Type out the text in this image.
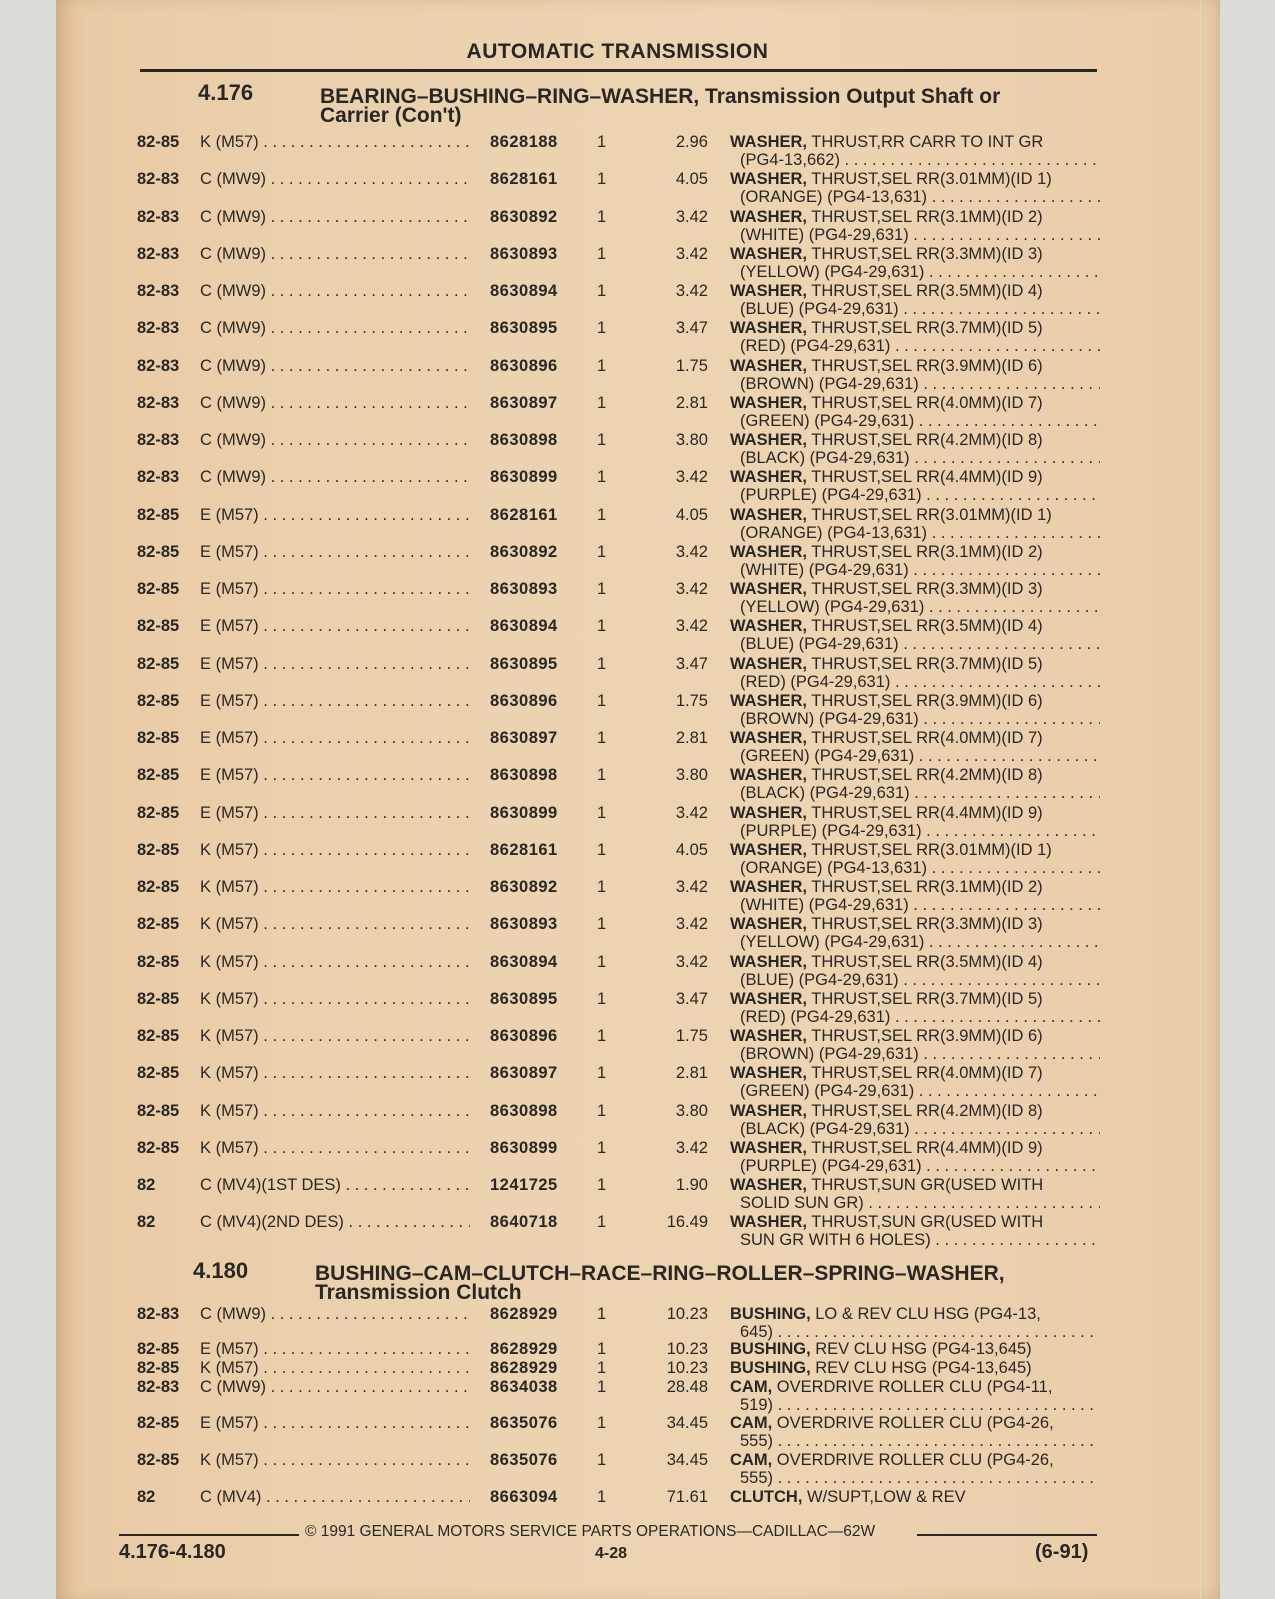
AUTOMATIC TRANSMISSION
4.176	BEARING–BUSHING–RING–WASHER, Transmission Output Shaft or
Carrier (Con't)
82-85 K (M57) . . .	8628188 1	2.96 WASHER, THRUST,RR CARR TO INT GR
(PG4-13,662) . . .
82-83 C (MW9) . . .	8628161 1	4.05 WASHER, THRUST,SEL RR(3.01MM)(ID 1)
(ORANGE) (PG4-13,631) . . .
82-83 C (MW9) . . .	8630892 1	3.42 WASHER, THRUST,SEL RR(3.1MM)(ID 2)
(WHITE) (PG4-29,631) . . .
82-83 C (MW9) . . .	8630893 1	3.42 WASHER, THRUST,SEL RR(3.3MM)(ID 3)
(YELLOW) (PG4-29,631) . . .
82-83 C (MW9) . . .	8630894 1	3.42 WASHER, THRUST,SEL RR(3.5MM)(ID 4)
(BLUE) (PG4-29,631) . . .
82-83 C (MW9) . . .	8630895 1	3.47 WASHER, THRUST,SEL RR(3.7MM)(ID 5)
(RED) (PG4-29,631) . . .
82-83 C (MW9) . . .	8630896 1	1.75 WASHER, THRUST,SEL RR(3.9MM)(ID 6)
(BROWN) (PG4-29,631) . . .
82-83 C (MW9) . . .	8630897 1	2.81 WASHER, THRUST,SEL RR(4.0MM)(ID 7)
(GREEN) (PG4-29,631) . . .
82-83 C (MW9) . . .	8630898 1	3.80 WASHER, THRUST,SEL RR(4.2MM)(ID 8)
(BLACK) (PG4-29,631) . . .
82-83 C (MW9) . . .	8630899 1	3.42 WASHER, THRUST,SEL RR(4.4MM)(ID 9)
(PURPLE) (PG4-29,631) . . .
82-85 E (M57) . . .	8628161 1	4.05 WASHER, THRUST,SEL RR(3.01MM)(ID 1)
(ORANGE) (PG4-13,631) . . .
82-85 E (M57) . . .	8630892 1	3.42 WASHER, THRUST,SEL RR(3.1MM)(ID 2)
(WHITE) (PG4-29,631) . . .
82-85 E (M57) . . .	8630893 1	3.42 WASHER, THRUST,SEL RR(3.3MM)(ID 3)
(YELLOW) (PG4-29,631) . . .
82-85 E (M57) . . .	8630894 1	3.42 WASHER, THRUST,SEL RR(3.5MM)(ID 4)
(BLUE) (PG4-29,631) . . .
82-85 E (M57) . . .	8630895 1	3.47 WASHER, THRUST,SEL RR(3.7MM)(ID 5)
(RED) (PG4-29,631) . . .
82-85 E (M57) . . .	8630896 1	1.75 WASHER, THRUST,SEL RR(3.9MM)(ID 6)
(BROWN) (PG4-29,631) . . .
82-85 E (M57) . . .	8630897 1	2.81 WASHER, THRUST,SEL RR(4.0MM)(ID 7)
(GREEN) (PG4-29,631) . . .
82-85 E (M57) . . .	8630898 1	3.80 WASHER, THRUST,SEL RR(4.2MM)(ID 8)
(BLACK) (PG4-29,631) . . .
82-85 E (M57) . . .	8630899 1	3.42 WASHER, THRUST,SEL RR(4.4MM)(ID 9)
(PURPLE) (PG4-29,631) . . .
82-85 K (M57) . . .	8628161 1	4.05 WASHER, THRUST,SEL RR(3.01MM)(ID 1)
(ORANGE) (PG4-13,631) . . .
82-85 K (M57) . . .	8630892 1	3.42 WASHER, THRUST,SEL RR(3.1MM)(ID 2)
(WHITE) (PG4-29,631) . . .
82-85 K (M57) . . .	8630893 1	3.42 WASHER, THRUST,SEL RR(3.3MM)(ID 3)
(YELLOW) (PG4-29,631) . . .
82-85 K (M57) . . .	8630894 1	3.42 WASHER, THRUST,SEL RR(3.5MM)(ID 4)
(BLUE) (PG4-29,631) . . .
82-85 K (M57) . . .	8630895 1	3.47 WASHER, THRUST,SEL RR(3.7MM)(ID 5)
(RED) (PG4-29,631) . . .
82-85 K (M57) . . .	8630896 1	1.75 WASHER, THRUST,SEL RR(3.9MM)(ID 6)
(BROWN) (PG4-29,631) . . .
82-85 K (M57) . . .	8630897 1	2.81 WASHER, THRUST,SEL RR(4.0MM)(ID 7)
(GREEN) (PG4-29,631) . . .
82-85 K (M57) . . .	8630898 1	3.80 WASHER, THRUST,SEL RR(4.2MM)(ID 8)
(BLACK) (PG4-29,631) . . .
82-85 K (M57) . . .	8630899 1	3.42 WASHER, THRUST,SEL RR(4.4MM)(ID 9)
(PURPLE) (PG4-29,631) . . .
82	C (MV4)(1ST DES) . . .	1241725 1	1.90 WASHER, THRUST,SUN GR(USED WITH
SOLID SUN GR) . . .
82	C (MV4)(2ND DES) . . .	8640718 1	16.49 WASHER, THRUST,SUN GR(USED WITH
SUN GR WITH 6 HOLES) . . .
4.180	BUSHING–CAM–CLUTCH–RACE–RING–ROLLER–SPRING–WASHER,
Transmission Clutch
82-83 C (MW9) . . .	8628929 1	10.23 BUSHING, LO & REV CLU HSG (PG4-13,
645) . . .
82-85 E (M57) . . .	8628929 1	10.23 BUSHING, REV CLU HSG (PG4-13,645)
82-85 K (M57) . . .	8628929 1	10.23 BUSHING, REV CLU HSG (PG4-13,645)
82-83 C (MW9) . . .	8634038 1	28.48 CAM, OVERDRIVE ROLLER CLU (PG4-11,
519) . . .
82-85 E (M57) . . .	8635076 1	34.45 CAM, OVERDRIVE ROLLER CLU (PG4-26,
555) . . .
82-85 K (M57) . . .	8635076 1	34.45 CAM, OVERDRIVE ROLLER CLU (PG4-26,
555) . . .
82	C (MV4) . . .	8663094 1	71.61 CLUTCH, W/SUPT,LOW & REV
© 1991 GENERAL MOTORS SERVICE PARTS OPERATIONS—CADILLAC—62W
4.176-4.180	4-28	(6-91)
